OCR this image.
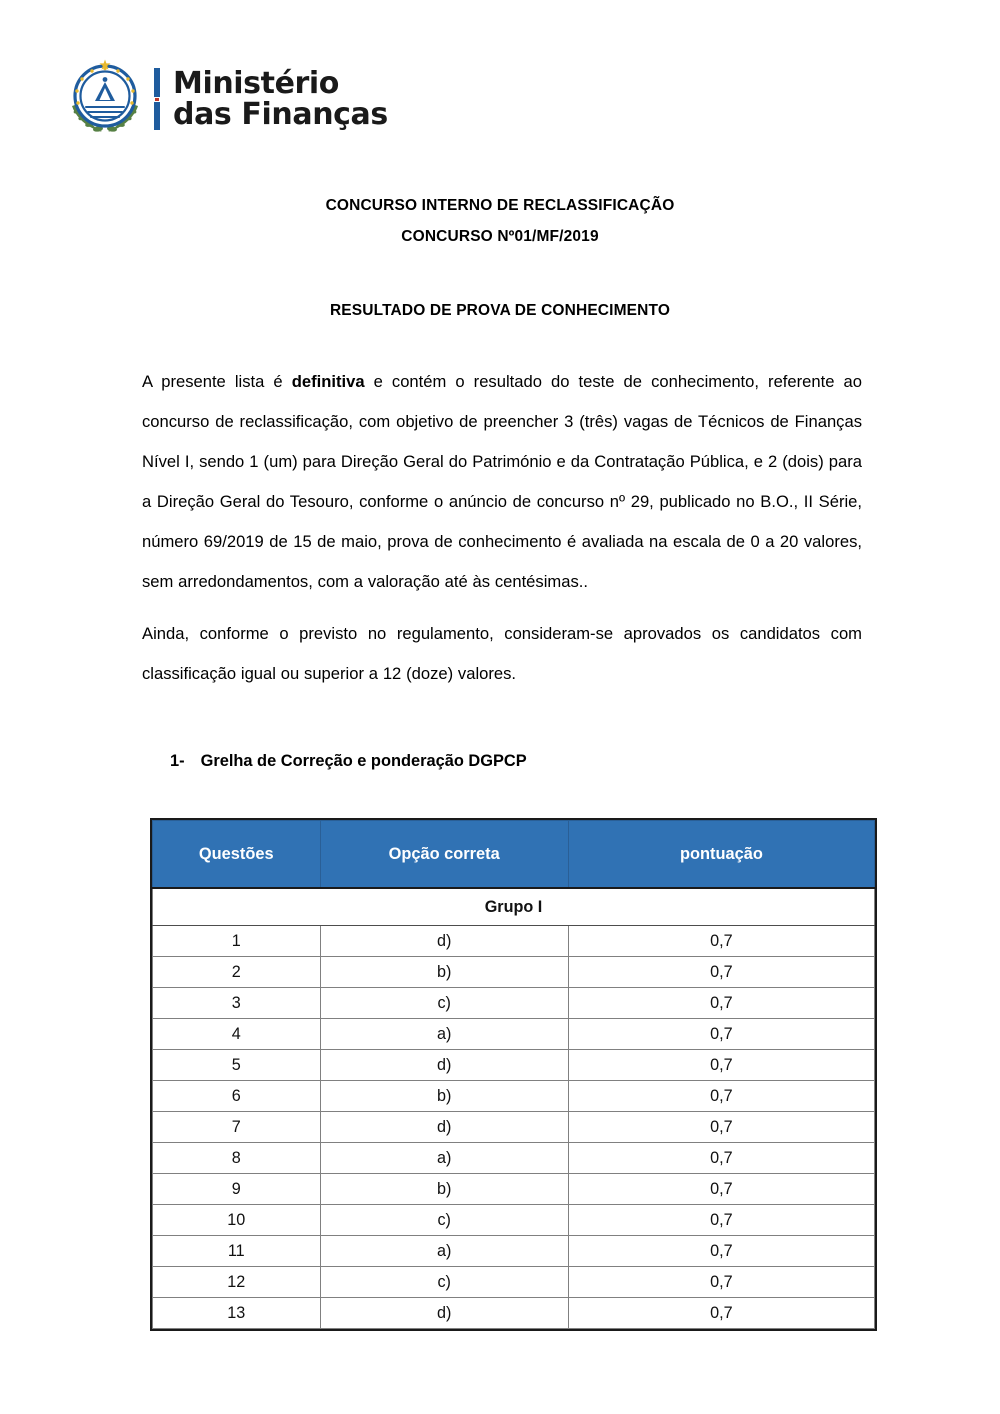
Ministério
das Finanças
CONCURSO INTERNO DE RECLASSIFICAÇÃO
CONCURSO Nº01/MF/2019
RESULTADO DE PROVA DE CONHECIMENTO

A presente lista é definitiva e contém o resultado do teste de conhecimento, referente ao concurso de reclassificação, com objetivo de preencher 3 (três) vagas de Técnicos de Finanças Nível I, sendo 1 (um) para Direção Geral do Património e da Contratação Pública, e 2 (dois) para a Direção Geral do Tesouro, conforme o anúncio de concurso nº 29, publicado no B.O., II Série, número 69/2019 de 15 de maio, prova de conhecimento é avaliada na escala de 0 a 20 valores, sem arredondamentos, com a valoração até às centésimas..

Ainda, conforme o previsto no regulamento, consideram-se aprovados os candidatos com classificação igual ou superior a 12 (doze) valores.

1- Grelha de Correção e ponderação DGPCP
Questões	Opção correta	pontuação
Grupo I		
1	d)	0,7
2	b)	0,7
3	c)	0,7
4	a)	0,7
5	d)	0,7
6	b)	0,7
7	d)	0,7
8	a)	0,7
9	b)	0,7
10	c)	0,7
11	a)	0,7
12	c)	0,7
13	d)	0,7
